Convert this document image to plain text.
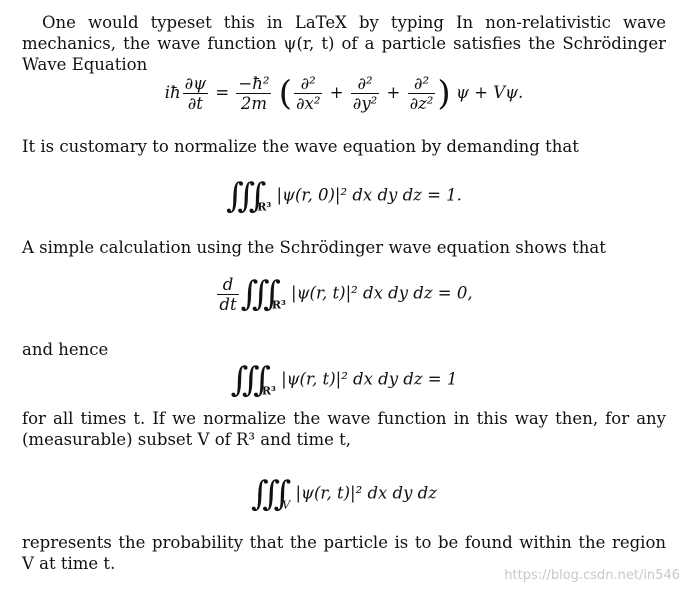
One would typeset this in LaTeX by typing In non-relativistic wave mechanics, the wave function ψ(r, t) of a particle satisfies the Schrödinger Wave Equation

iħ $\frac{\partial\psi}{\partial t} = \frac{\text{−ħ²}}{2m}$ ( $\frac{\text{∂²}}{\text{∂x²}} + \frac{\text{∂²}}{\text{∂y²}} + \frac{\text{∂²}}{\text{∂z²}}$ ) ψ + Vψ.

It is customary to normalize the wave equation by demanding that

$∭_{R^3}$ |ψ(r, 0)|² dx dy dz = 1.

A simple calculation using the Schrödinger wave equation shows that

$\frac{d}{dt}$ $∭_{R^3}$ |ψ(r, t)|² dx dy dz = 0,

and hence

$∭_{R^3}$ |ψ(r, t)|² dx dy dz = 1

for all times t. If we normalize the wave function in this way then, for any (measurable) subset V of R³ and time t,

$∭_V$ |ψ(r, t)|² dx dy dz

represents the probability that the particle is to be found within the region V at time t.

https://blog.csdn.net/in546
